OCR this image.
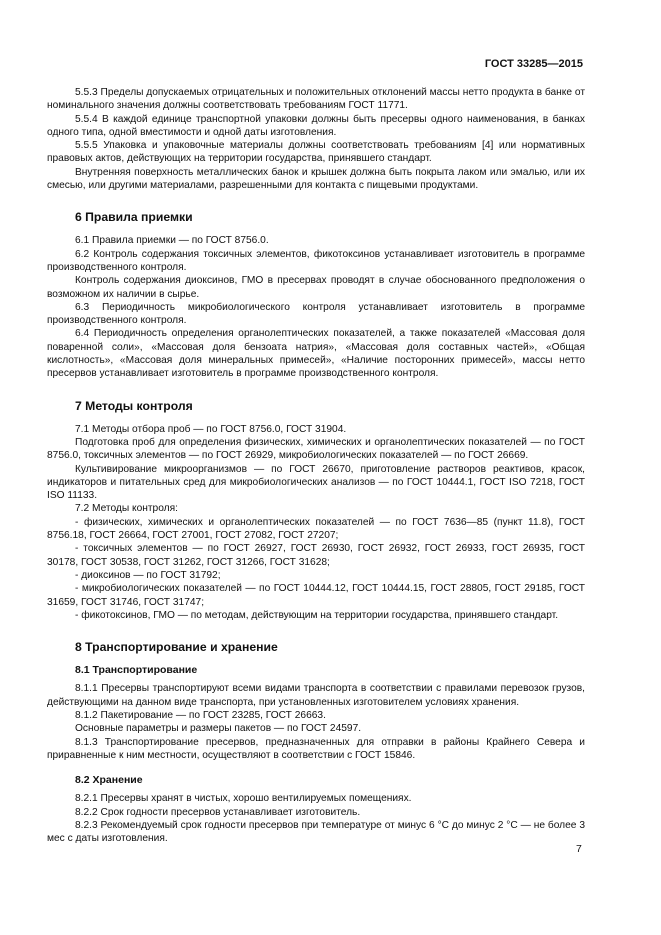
ГОСТ 33285—2015

5.5.3 Пределы допускаемых отрицательных и положительных отклонений массы нетто продукта в банке от номинального значения должны соответствовать требованиям ГОСТ 11771.

5.5.4 В каждой единице транспортной упаковки должны быть пресервы одного наименования, в банках одного типа, одной вместимости и одной даты изготовления.

5.5.5 Упаковка и упаковочные материалы должны соответствовать требованиям [4] или нормативных правовых актов, действующих на территории государства, принявшего стандарт.

Внутренняя поверхность металлических банок и крышек должна быть покрыта лаком или эмалью, или их смесью, или другими материалами, разрешенными для контакта с пищевыми продуктами.

6 Правила приемки

6.1 Правила приемки — по ГОСТ 8756.0.

6.2 Контроль содержания токсичных элементов, фикотоксинов устанавливает изготовитель в программе производственного контроля.

Контроль содержания диоксинов, ГМО в пресервах проводят в случае обоснованного предположения о возможном их наличии в сырье.

6.3 Периодичность микробиологического контроля устанавливает изготовитель в программе производственного контроля.

6.4 Периодичность определения органолептических показателей, а также показателей «Массовая доля поваренной соли», «Массовая доля бензоата натрия», «Массовая доля составных частей», «Общая кислотность», «Массовая доля минеральных примесей», «Наличие посторонних примесей», массы нетто пресервов устанавливает изготовитель в программе производственного контроля.

7 Методы контроля

7.1 Методы отбора проб — по ГОСТ 8756.0, ГОСТ 31904.

Подготовка проб для определения физических, химических и органолептических показателей — по ГОСТ 8756.0, токсичных элементов — по ГОСТ 26929, микробиологических показателей — по ГОСТ 26669.

Культивирование микроорганизмов — по ГОСТ 26670, приготовление растворов реактивов, красок, индикаторов и питательных сред для микробиологических анализов — по ГОСТ 10444.1, ГОСТ ISO 7218, ГОСТ ISO 11133.

7.2 Методы контроля:

- физических, химических и органолептических показателей — по ГОСТ 7636—85 (пункт 11.8), ГОСТ 8756.18, ГОСТ 26664, ГОСТ 27001, ГОСТ 27082, ГОСТ 27207;

- токсичных элементов — по ГОСТ 26927, ГОСТ 26930, ГОСТ 26932, ГОСТ 26933, ГОСТ 26935, ГОСТ 30178, ГОСТ 30538, ГОСТ 31262, ГОСТ 31266, ГОСТ 31628;

- диоксинов — по ГОСТ 31792;

- микробиологических показателей — по ГОСТ 10444.12, ГОСТ 10444.15, ГОСТ 28805, ГОСТ 29185, ГОСТ 31659, ГОСТ 31746, ГОСТ 31747;

- фикотоксинов, ГМО — по методам, действующим на территории государства, принявшего стандарт.

8 Транспортирование и хранение
8.1 Транспортирование

8.1.1 Пресервы транспортируют всеми видами транспорта в соответствии с правилами перевозок грузов, действующими на данном виде транспорта, при установленных изготовителем условиях хранения.

8.1.2 Пакетирование — по ГОСТ 23285, ГОСТ 26663.

Основные параметры и размеры пакетов — по ГОСТ 24597.

8.1.3 Транспортирование пресервов, предназначенных для отправки в районы Крайнего Севера и приравненные к ним местности, осуществляют в соответствии с ГОСТ 15846.

8.2 Хранение

8.2.1 Пресервы хранят в чистых, хорошо вентилируемых помещениях.

8.2.2 Срок годности пресервов устанавливает изготовитель.

8.2.3 Рекомендуемый срок годности пресервов при температуре от минус 6 °С до минус 2 °С — не более 3 мес с даты изготовления.

7
